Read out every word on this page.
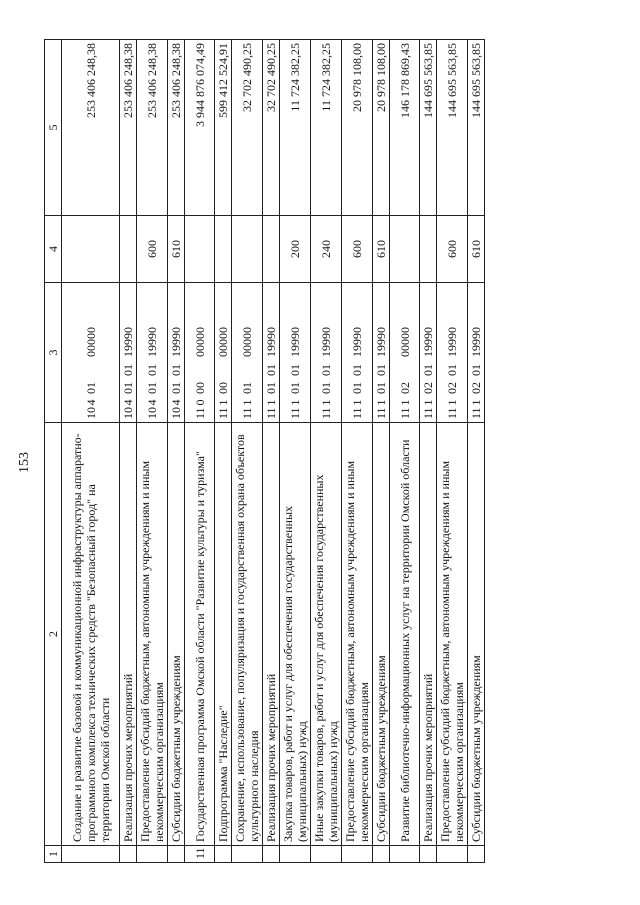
153
1	2	3	4	5
	Создание и развитие базовой и коммуникационной инфраструктуры аппаратно-программного комплекса технических средств "Безопасный город" на территории Омской области	1040100000		253 406 248,38
	Реализация прочих мероприятий	104010119990		253 406 248,38
	Предоставление субсидий бюджетным, автономным учреждениям и иным некоммерческим организациям	104010119990	600	253 406 248,38
	Субсидии бюджетным учреждениям	104010119990	610	253 406 248,38
11	Государственная программа Омской области "Развитие культуры и туризма"	1100000000		3 944 876 074,49
	Подпрограмма "Наследие"	1110000000		599 412 524,91
	Сохранение, использование, популяризация и государственная охрана объектов культурного наследия	1110100000		32 702 490,25
	Реализация прочих мероприятий	111010119990		32 702 490,25
	Закупка товаров, работ и услуг для обеспечения государственных (муниципальных) нужд	111010119990	200	11 724 382,25
	Иные закупки товаров, работ и услуг для обеспечения государственных (муниципальных) нужд	111010119990	240	11 724 382,25
	Предоставление субсидий бюджетным, автономным учреждениям и иным некоммерческим организациям	111010119990	600	20 978 108,00
	Субсидии бюджетным учреждениям	111010119990	610	20 978 108,00
	Развитие библиотечно-информационных услуг на территории Омской области	1110200000		146 178 869,43
	Реализация прочих мероприятий	111020119990		144 695 563,85
	Предоставление субсидий бюджетным, автономным учреждениям и иным некоммерческим организациям	111020119990	600	144 695 563,85
	Субсидии бюджетным учреждениям	111020119990	610	144 695 563,85
